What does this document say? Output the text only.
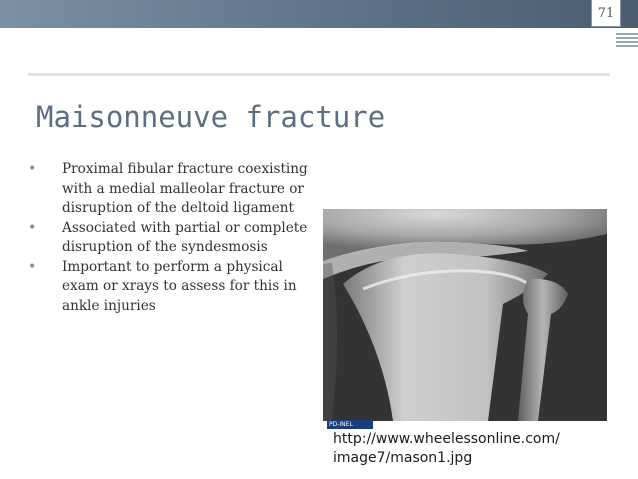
71
Maisonneuve fracture
• Proximal fibular fracture coexisting with a medial malleolar fracture or disruption of the deltoid ligament
• Associated with partial or complete disruption of the syndesmosis
• Important to perform a physical exam or xrays to assess for this in ankle injuries
PD-INEL
http://www.wheelessonline.com/
image7/mason1.jpg
